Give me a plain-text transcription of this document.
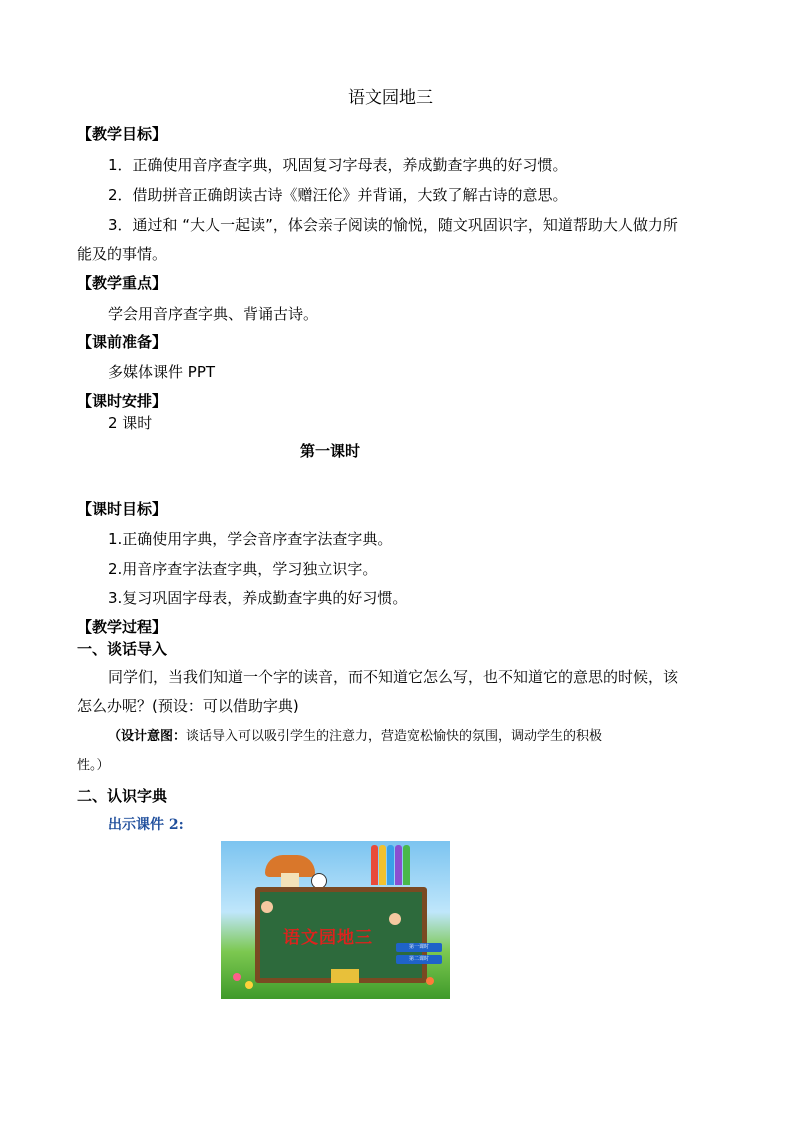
语文园地三
【教学目标】
1．正确使用音序查字典，巩固复习字母表，养成勤查字典的好习惯。
2．借助拼音正确朗读古诗《赠汪伦》并背诵，大致了解古诗的意思。
3．通过和 “大人一起读”，体会亲子阅读的愉悦，随文巩固识字，知道帮助大人做力所
能及的事情。
【教学重点】
学会用音序查字典、背诵古诗。
【课前准备】
多媒体课件 PPT
【课时安排】
2 课时
第一课时
【课时目标】
1.正确使用字典，学会音序查字法查字典。
2.用音序查字法查字典，学习独立识字。
3.复习巩固字母表，养成勤查字典的好习惯。
【教学过程】
一、谈话导入
同学们，当我们知道一个字的读音，而不知道它怎么写，也不知道它的意思的时候，该
怎么办呢？(预设：可以借助字典)
（设计意图：谈话导入可以吸引学生的注意力，营造宽松愉快的氛围，调动学生的积极
性。）
二、认识字典
出示课件 2:
语文园地三	第一课时
第二课时
